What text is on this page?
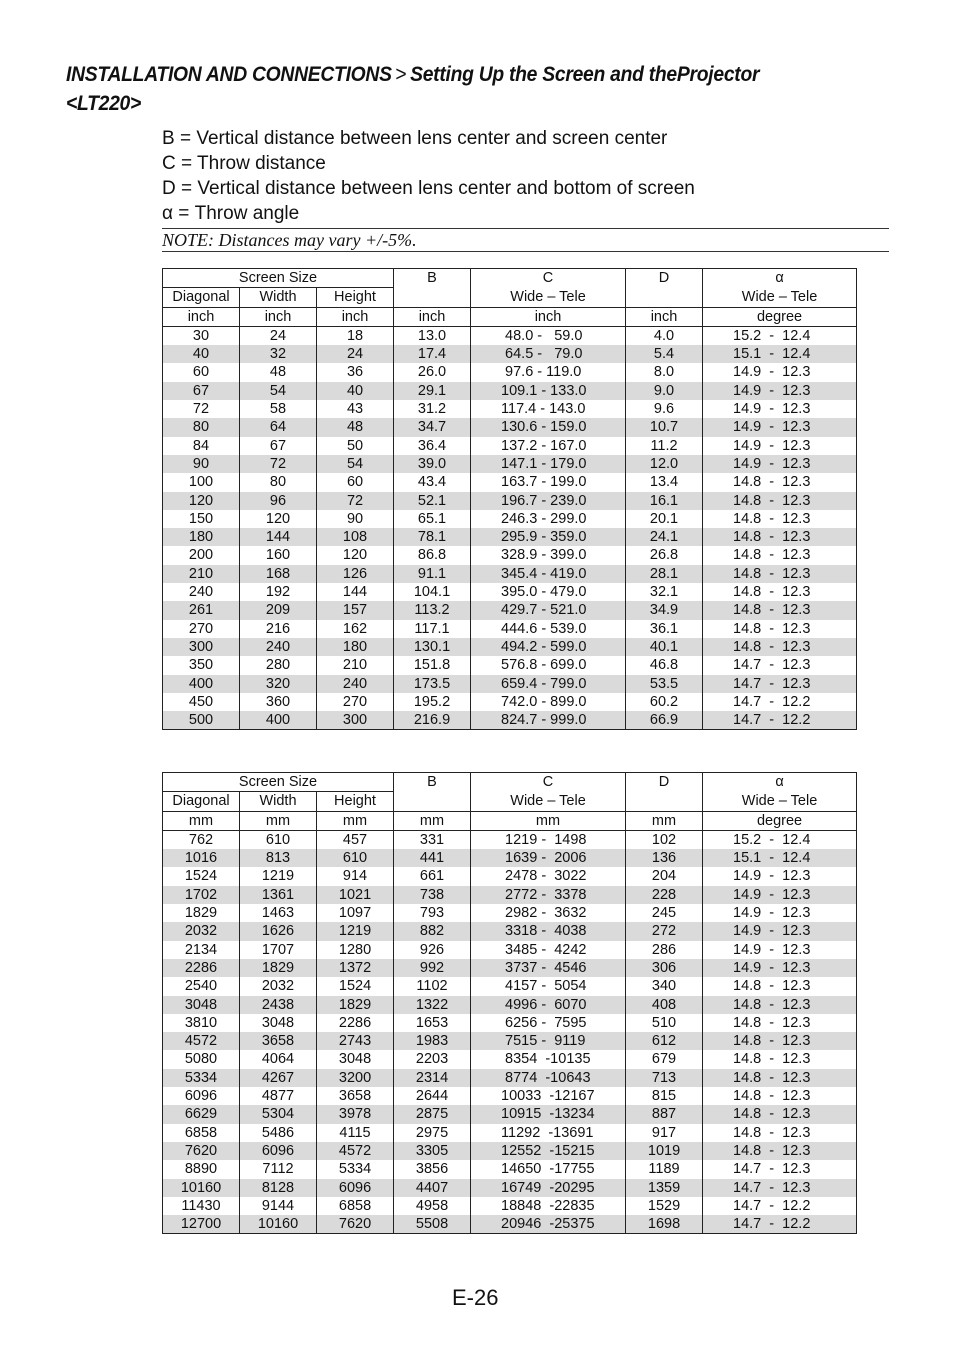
INSTALLATION AND CONNECTIONS > Setting Up the Screen and theProjector
<LT220>
B = Vertical distance between lens center and screen center
C = Throw distance
D = Vertical distance between lens center and bottom of screen
α = Throw angle
NOTE: Distances may vary +/-5%.
Screen Size			B	C	D	α
Diagonal	Width	Height		Wide – Tele		Wide – Tele
inch	inch	inch	inch	inch	inch	degree
30	24	18	13.0	48.0 -   59.0	4.0	15.2  -  12.4
40	32	24	17.4	64.5 -   79.0	5.4	15.1  -  12.4
60	48	36	26.0	97.6 - 119.0	8.0	14.9  -  12.3
67	54	40	29.1	109.1 - 133.0	9.0	14.9  -  12.3
72	58	43	31.2	117.4 - 143.0	9.6	14.9  -  12.3
80	64	48	34.7	130.6 - 159.0	10.7	14.9  -  12.3
84	67	50	36.4	137.2 - 167.0	11.2	14.9  -  12.3
90	72	54	39.0	147.1 - 179.0	12.0	14.9  -  12.3
100	80	60	43.4	163.7 - 199.0	13.4	14.8  -  12.3
120	96	72	52.1	196.7 - 239.0	16.1	14.8  -  12.3
150	120	90	65.1	246.3 - 299.0	20.1	14.8  -  12.3
180	144	108	78.1	295.9 - 359.0	24.1	14.8  -  12.3
200	160	120	86.8	328.9 - 399.0	26.8	14.8  -  12.3
210	168	126	91.1	345.4 - 419.0	28.1	14.8  -  12.3
240	192	144	104.1	395.0 - 479.0	32.1	14.8  -  12.3
261	209	157	113.2	429.7 - 521.0	34.9	14.8  -  12.3
270	216	162	117.1	444.6 - 539.0	36.1	14.8  -  12.3
300	240	180	130.1	494.2 - 599.0	40.1	14.8  -  12.3
350	280	210	151.8	576.8 - 699.0	46.8	14.7  -  12.3
400	320	240	173.5	659.4 - 799.0	53.5	14.7  -  12.3
450	360	270	195.2	742.0 - 899.0	60.2	14.7  -  12.2
500	400	300	216.9	824.7 - 999.0	66.9	14.7  -  12.2
Screen Size			B	C	D	α
Diagonal	Width	Height		Wide – Tele		Wide – Tele
mm	mm	mm	mm	mm	mm	degree
762	610	457	331	1219 -  1498	102	15.2  -  12.4
1016	813	610	441	1639 -  2006	136	15.1  -  12.4
1524	1219	914	661	2478 -  3022	204	14.9  -  12.3
1702	1361	1021	738	2772 -  3378	228	14.9  -  12.3
1829	1463	1097	793	2982 -  3632	245	14.9  -  12.3
2032	1626	1219	882	3318 -  4038	272	14.9  -  12.3
2134	1707	1280	926	3485 -  4242	286	14.9  -  12.3
2286	1829	1372	992	3737 -  4546	306	14.9  -  12.3
2540	2032	1524	1102	4157 -  5054	340	14.8  -  12.3
3048	2438	1829	1322	4996 -  6070	408	14.8  -  12.3
3810	3048	2286	1653	6256 -  7595	510	14.8  -  12.3
4572	3658	2743	1983	7515 -  9119	612	14.8  -  12.3
5080	4064	3048	2203	8354  -10135	679	14.8  -  12.3
5334	4267	3200	2314	8774  -10643	713	14.8  -  12.3
6096	4877	3658	2644	10033  -12167	815	14.8  -  12.3
6629	5304	3978	2875	10915  -13234	887	14.8  -  12.3
6858	5486	4115	2975	11292  -13691	917	14.8  -  12.3
7620	6096	4572	3305	12552  -15215	1019	14.8  -  12.3
8890	7112	5334	3856	14650  -17755	1189	14.7  -  12.3
10160	8128	6096	4407	16749  -20295	1359	14.7  -  12.3
11430	9144	6858	4958	18848  -22835	1529	14.7  -  12.2
12700	10160	7620	5508	20946  -25375	1698	14.7  -  12.2
E-26
